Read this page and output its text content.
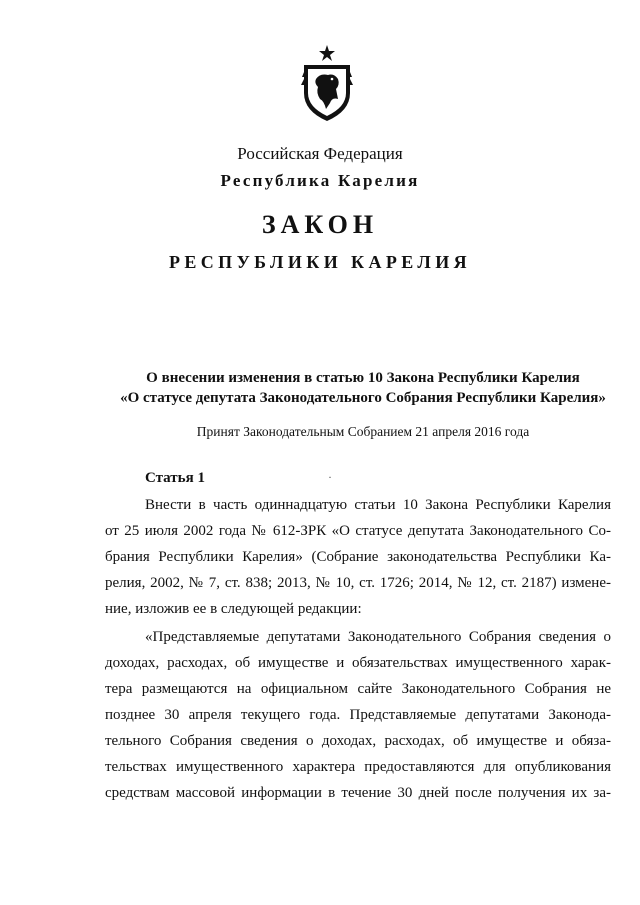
Российская Федерация
Республика Карелия
ЗАКОН
РЕСПУБЛИКИ КАРЕЛИЯ
О внесении изменения в статью 10 Закона Республики Карелия
«О статусе депутата Законодательного Собрания Республики Карелия»
Принят Законодательным Собранием 21 апреля 2016 года
Статья 1	·
Внести в часть одиннадцатую статьи 10 Закона Республики Карелия
от 25 июля 2002 года № 612-ЗРК «О статусе депутата Законодательного Со-
брания Республики Карелия» (Собрание законодательства Республики Ка-
релия, 2002, № 7, ст. 838; 2013, № 10, ст. 1726; 2014, № 12, ст. 2187) измене-
ние, изложив ее в следующей редакции:
«Представляемые депутатами Законодательного Собрания сведения о
доходах, расходах, об имуществе и обязательствах имущественного харак-
тера размещаются на официальном сайте Законодательного Собрания не
позднее 30 апреля текущего года. Представляемые депутатами Законода-
тельного Собрания сведения о доходах, расходах, об имуществе и обяза-
тельствах имущественного характера предоставляются для опубликования
средствам массовой информации в течение 30 дней после получения их за-
